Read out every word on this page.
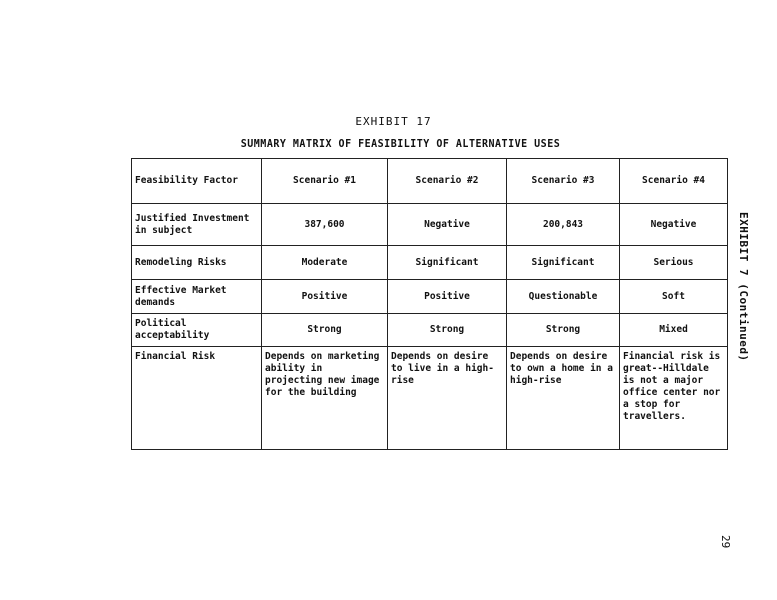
EXHIBIT 17
SUMMARY MATRIX OF FEASIBILITY OF ALTERNATIVE USES
Feasibility Factor	Scenario #1	Scenario #2	Scenario #3	Scenario #4
Justified Investment in subject	387,600	Negative	200,843	Negative
Remodeling Risks	Moderate	Significant	Significant	Serious
Effective Market demands	Positive	Positive	Questionable	Soft
Political acceptability	Strong	Strong	Strong	Mixed
Financial Risk	Depends on marketing ability in projecting new image for the building	Depends on desire to live in a high-rise	Depends on desire to own a home in a high-rise	Financial risk is great--Hilldale is not a major office center nor a stop for travellers.
EXHIBIT 7 (Continued)
29
